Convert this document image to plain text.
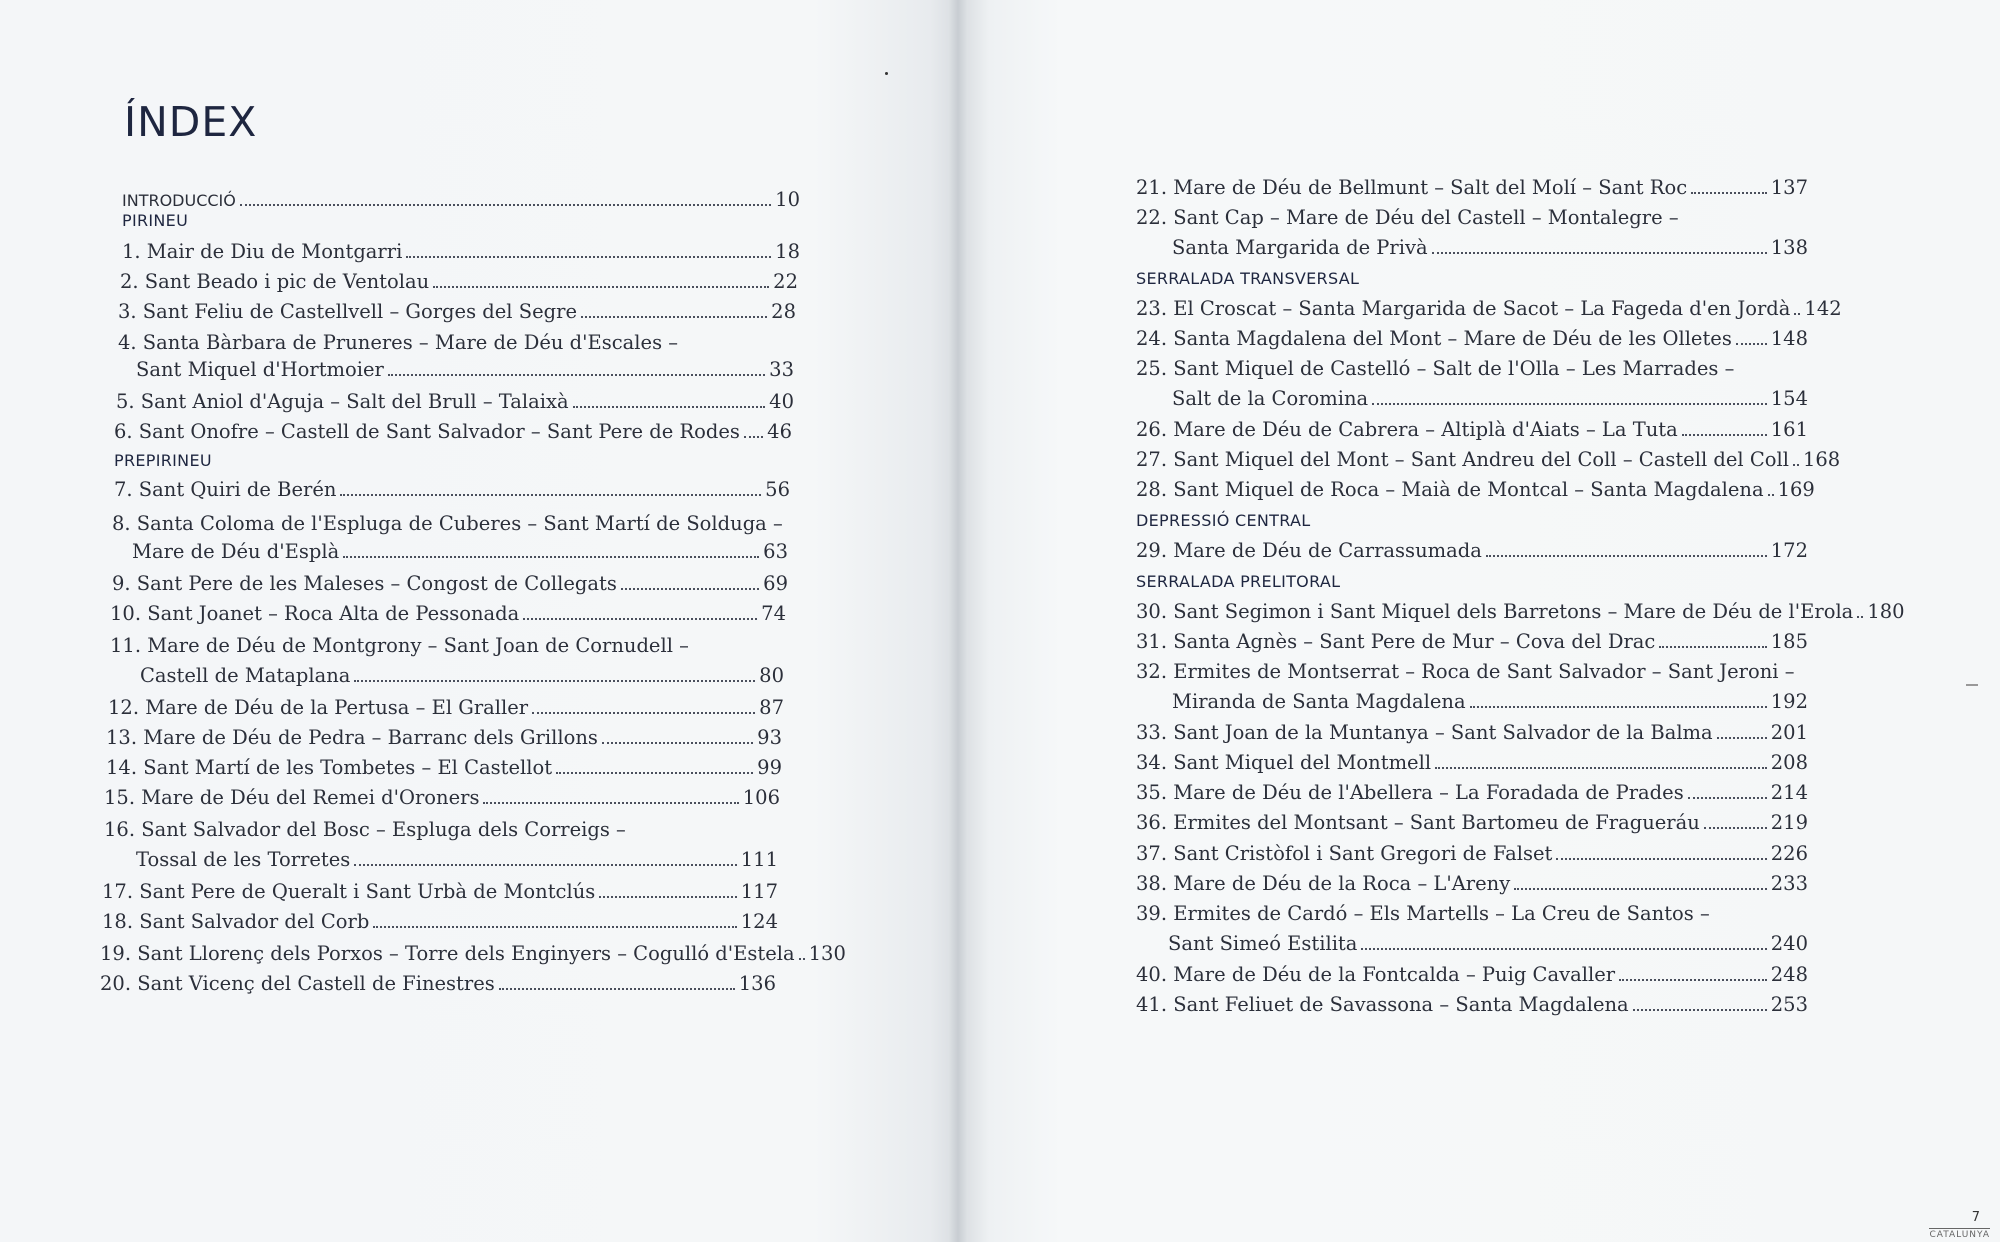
ÍNDEX
INTRODUCCIÓ	10
PIRINEU
1. Mair de Diu de Montgarri	18
2. Sant Beado i pic de Ventolau	22
3. Sant Feliu de Castellvell – Gorges del Segre	28
4. Santa Bàrbara de Pruneres – Mare de Déu d'Escales –
Sant Miquel d'Hortmoier	33
5. Sant Aniol d'Aguja – Salt del Brull – Talaixà	40
6. Sant Onofre – Castell de Sant Salvador – Sant Pere de Rodes 46
PREPIRINEU
7. Sant Quiri de Berén	56
8. Santa Coloma de l'Espluga de Cuberes – Sant Martí de Solduga –
Mare de Déu d'Esplà	63
9. Sant Pere de les Maleses – Congost de Collegats	69
10. Sant Joanet – Roca Alta de Pessonada	74
11. Mare de Déu de Montgrony – Sant Joan de Cornudell –
Castell de Mataplana	80
12. Mare de Déu de la Pertusa – El Graller	87
13. Mare de Déu de Pedra – Barranc dels Grillons	93
14. Sant Martí de les Tombetes – El Castellot	99
15. Mare de Déu del Remei d'Oroners	106
16. Sant Salvador del Bosc – Espluga dels Correigs –
Tossal de les Torretes	111
17. Sant Pere de Queralt i Sant Urbà de Montclús	117
18. Sant Salvador del Corb	124
19. Sant Llorenç dels Porxos – Torre dels Enginyers – Cogulló d'Estela 130
20. Sant Vicenç del Castell de Finestres	136
21. Mare de Déu de Bellmunt – Salt del Molí – Sant Roc	137
22. Sant Cap – Mare de Déu del Castell – Montalegre –
Santa Margarida de Privà	138
SERRALADA TRANSVERSAL
23. El Croscat – Santa Margarida de Sacot – La Fageda d'en Jordà 142
24. Santa Magdalena del Mont – Mare de Déu de les Olletes 148
25. Sant Miquel de Castelló – Salt de l'Olla – Les Marrades –
Salt de la Coromina	154
26. Mare de Déu de Cabrera – Altiplà d'Aiats – La Tuta	161
27. Sant Miquel del Mont – Sant Andreu del Coll – Castell del Coll 168
28. Sant Miquel de Roca – Maià de Montcal – Santa Magdalena 169
DEPRESSIÓ CENTRAL
29. Mare de Déu de Carrassumada	172
SERRALADA PRELITORAL
30. Sant Segimon i Sant Miquel dels Barretons – Mare de Déu de l'Erola 180
31. Santa Agnès – Sant Pere de Mur – Cova del Drac	185
32. Ermites de Montserrat – Roca de Sant Salvador – Sant Jeroni –
Miranda de Santa Magdalena	192
33. Sant Joan de la Muntanya – Sant Salvador de la Balma	201
34. Sant Miquel del Montmell	208
35. Mare de Déu de l'Abellera – La Foradada de Prades	214
36. Ermites del Montsant – Sant Bartomeu de Fragueráu	219
37. Sant Cristòfol i Sant Gregori de Falset	226
38. Mare de Déu de la Roca – L'Areny	233
39. Ermites de Cardó – Els Martells – La Creu de Santos –
Sant Simeó Estilita	240
40. Mare de Déu de la Fontcalda – Puig Cavaller	248
41. Sant Feliuet de Savassona – Santa Magdalena	253
7
CATALUNYA
